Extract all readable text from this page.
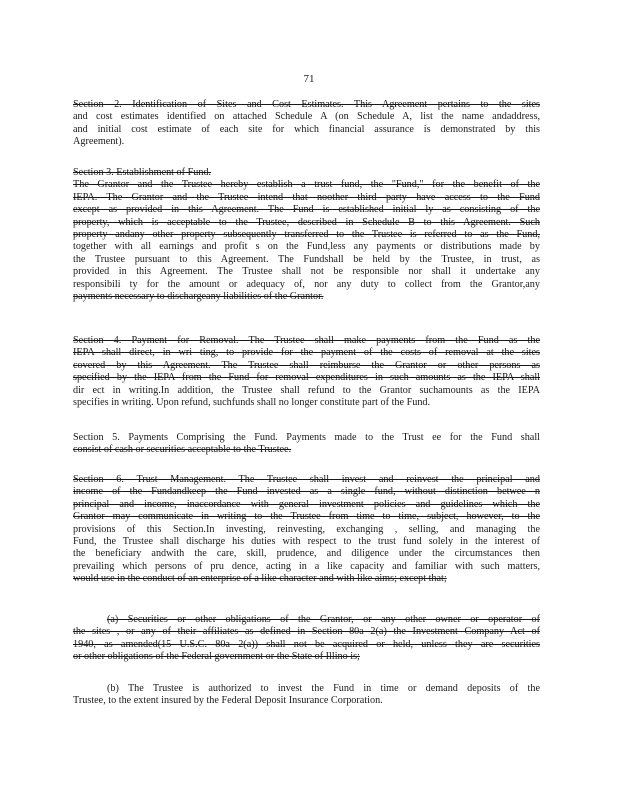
71
Section 2. Identification of Sites and Cost Estimates. This Agreement pertains to the sites
and cost estimates identified on attached Schedule A (on Schedule A, list the name andaddress,
and initial cost estimate of each site for which financial assurance is demonstrated by this
Agreement).
Section 3. Establishment of Fund.
The Grantor and the Trustee hereby establish a trust fund, the "Fund," for the benefit of the
IEPA. The Grantor and the Trustee intend that noother third party have access to the Fund
except as provided in this Agreement. The Fund is established initial ly as consisting of the
property, which is acceptable to the Trustee, described in Schedule B to this Agreement. Such
property andany other property subsequently transferred to the Trustee is referred to as the Fund,
together with all earnings and profit s on the Fund,less any payments or distributions made by
the Trustee pursuant to this Agreement. The Fundshall be held by the Trustee, in trust, as
provided in this Agreement. The Trustee shall not be responsible nor shall it undertake any
responsibili ty for the amount or adequacy of, nor any duty to collect from the Grantor,any
payments necessary to dischargeany liabilities of the Grantor.
Section 4. Payment for Removal. The Trustee shall make payments from the Fund as the
IEPA shall direct, in wri ting, to provide for the payment of the costs of removal at the sites
covered by this Agreement. The Trustee shall reimburse the Grantor or other persons as
specified by the IEPA from the Fund for removal expenditures in such amounts as the IEPA shall
dir ect in writing.In addition, the Trustee shall refund to the Grantor suchamounts as the IEPA
specifies in writing. Upon refund, suchfunds shall no longer constitute part of the Fund.
Section 5. Payments Comprising the Fund. Payments made to the Trust ee for the Fund shall
consist of cash or securities acceptable to the Trustee.
Section 6. Trust Management. The Trustee shall invest and reinvest the principal and
income of the Fundandkeep the Fund invested as a single fund, without distinction betwee n
principal and income, inaccordance with general investment policies and guidelines which the
Grantor may communicate in writing to the Trustee from time to time, subject, however, to the
provisions of this Section.In investing, reinvesting, exchanging , selling, and managing the
Fund, the Trustee shall discharge his duties with respect to the trust fund solely in the interest of
the beneficiary andwith the care, skill, prudence, and diligence under the circumstances then
prevailing which persons of pru dence, acting in a like capacity and familiar with such matters,
would use in the conduct of an enterprise of a like character and with like aims; except that;
(a) Securities or other obligations of the Grantor, or any other owner or operator of
the sites , or any of their affiliates as defined in Section 80a 2(a) the Investment Company Act of
1940, as amended(15 U.S.C. 80a 2(a)) shall not be acquired or held, unless they are securities
or other obligations of the Federal government or the State of Illino is;
(b) The Trustee is authorized to invest the Fund in time or demand deposits of the
Trustee, to the extent insured by the Federal Deposit Insurance Corporation.
